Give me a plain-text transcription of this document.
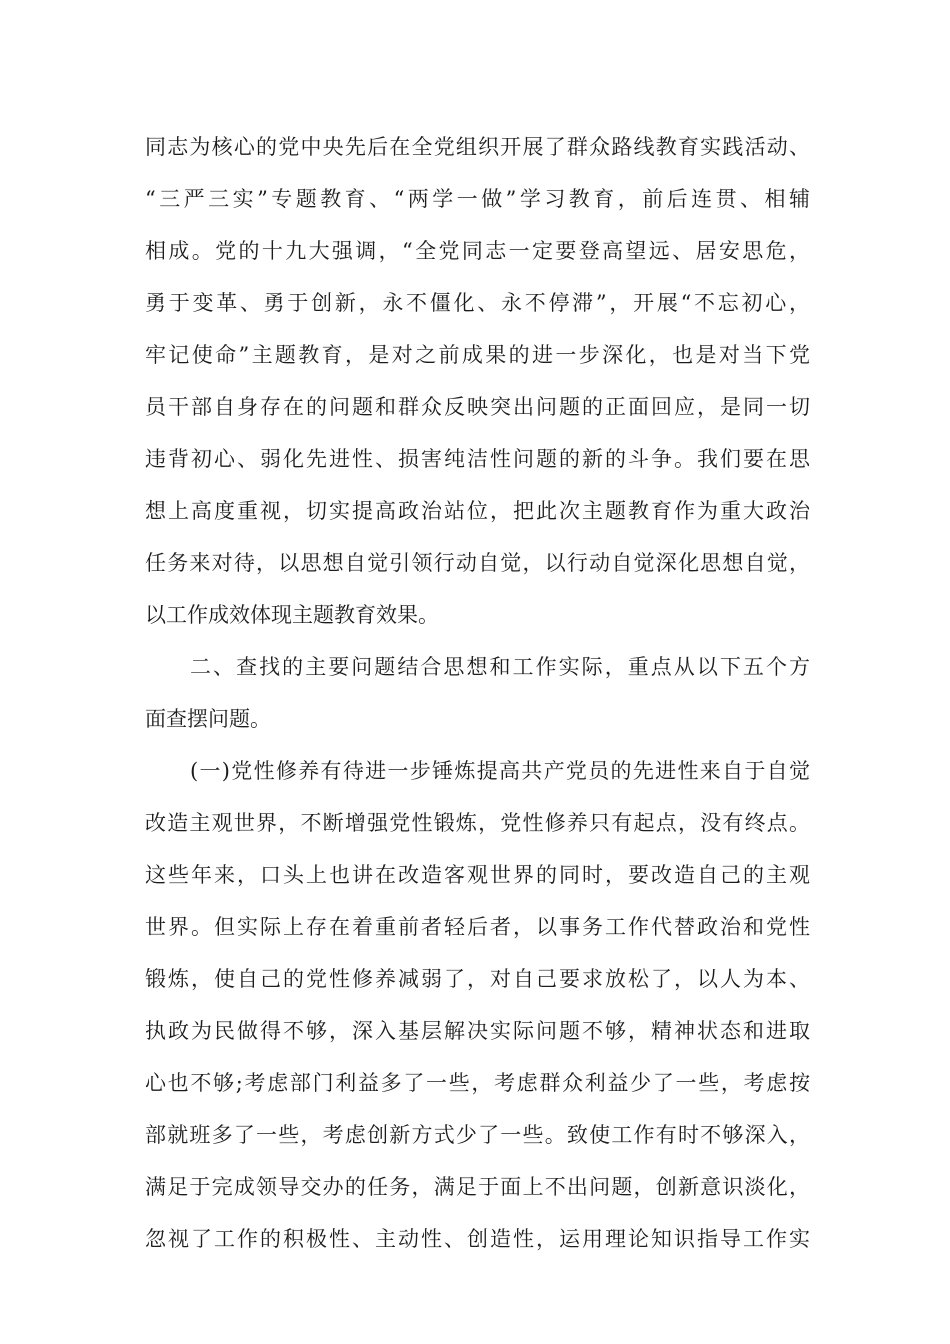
同志为核心的党中央先后在全党组织开展了群众路线教育实践活动、
“三严三实”专题教育、“两学一做”学习教育，前后连贯、相辅
相成。党的十九大强调，“全党同志一定要登高望远、居安思危，
勇于变革、勇于创新，永不僵化、永不停滞”，开展“不忘初心，
牢记使命”主题教育，是对之前成果的进一步深化，也是对当下党
员干部自身存在的问题和群众反映突出问题的正面回应，是同一切
违背初心、弱化先进性、损害纯洁性问题的新的斗争。我们要在思
想上高度重视，切实提高政治站位，把此次主题教育作为重大政治
任务来对待，以思想自觉引领行动自觉，以行动自觉深化思想自觉，
以工作成效体现主题教育效果。
二、查找的主要问题结合思想和工作实际，重点从以下五个方
面查摆问题。
(一)党性修养有待进一步锤炼提高共产党员的先进性来自于自觉
改造主观世界，不断增强党性锻炼，党性修养只有起点，没有终点。
这些年来，口头上也讲在改造客观世界的同时，要改造自己的主观
世界。但实际上存在着重前者轻后者，以事务工作代替政治和党性
锻炼，使自己的党性修养减弱了，对自己要求放松了，以人为本、
执政为民做得不够，深入基层解决实际问题不够，精神状态和进取
心也不够;考虑部门利益多了一些，考虑群众利益少了一些，考虑按
部就班多了一些，考虑创新方式少了一些。致使工作有时不够深入，
满足于完成领导交办的任务，满足于面上不出问题，创新意识淡化，
忽视了工作的积极性、主动性、创造性，运用理论知识指导工作实
